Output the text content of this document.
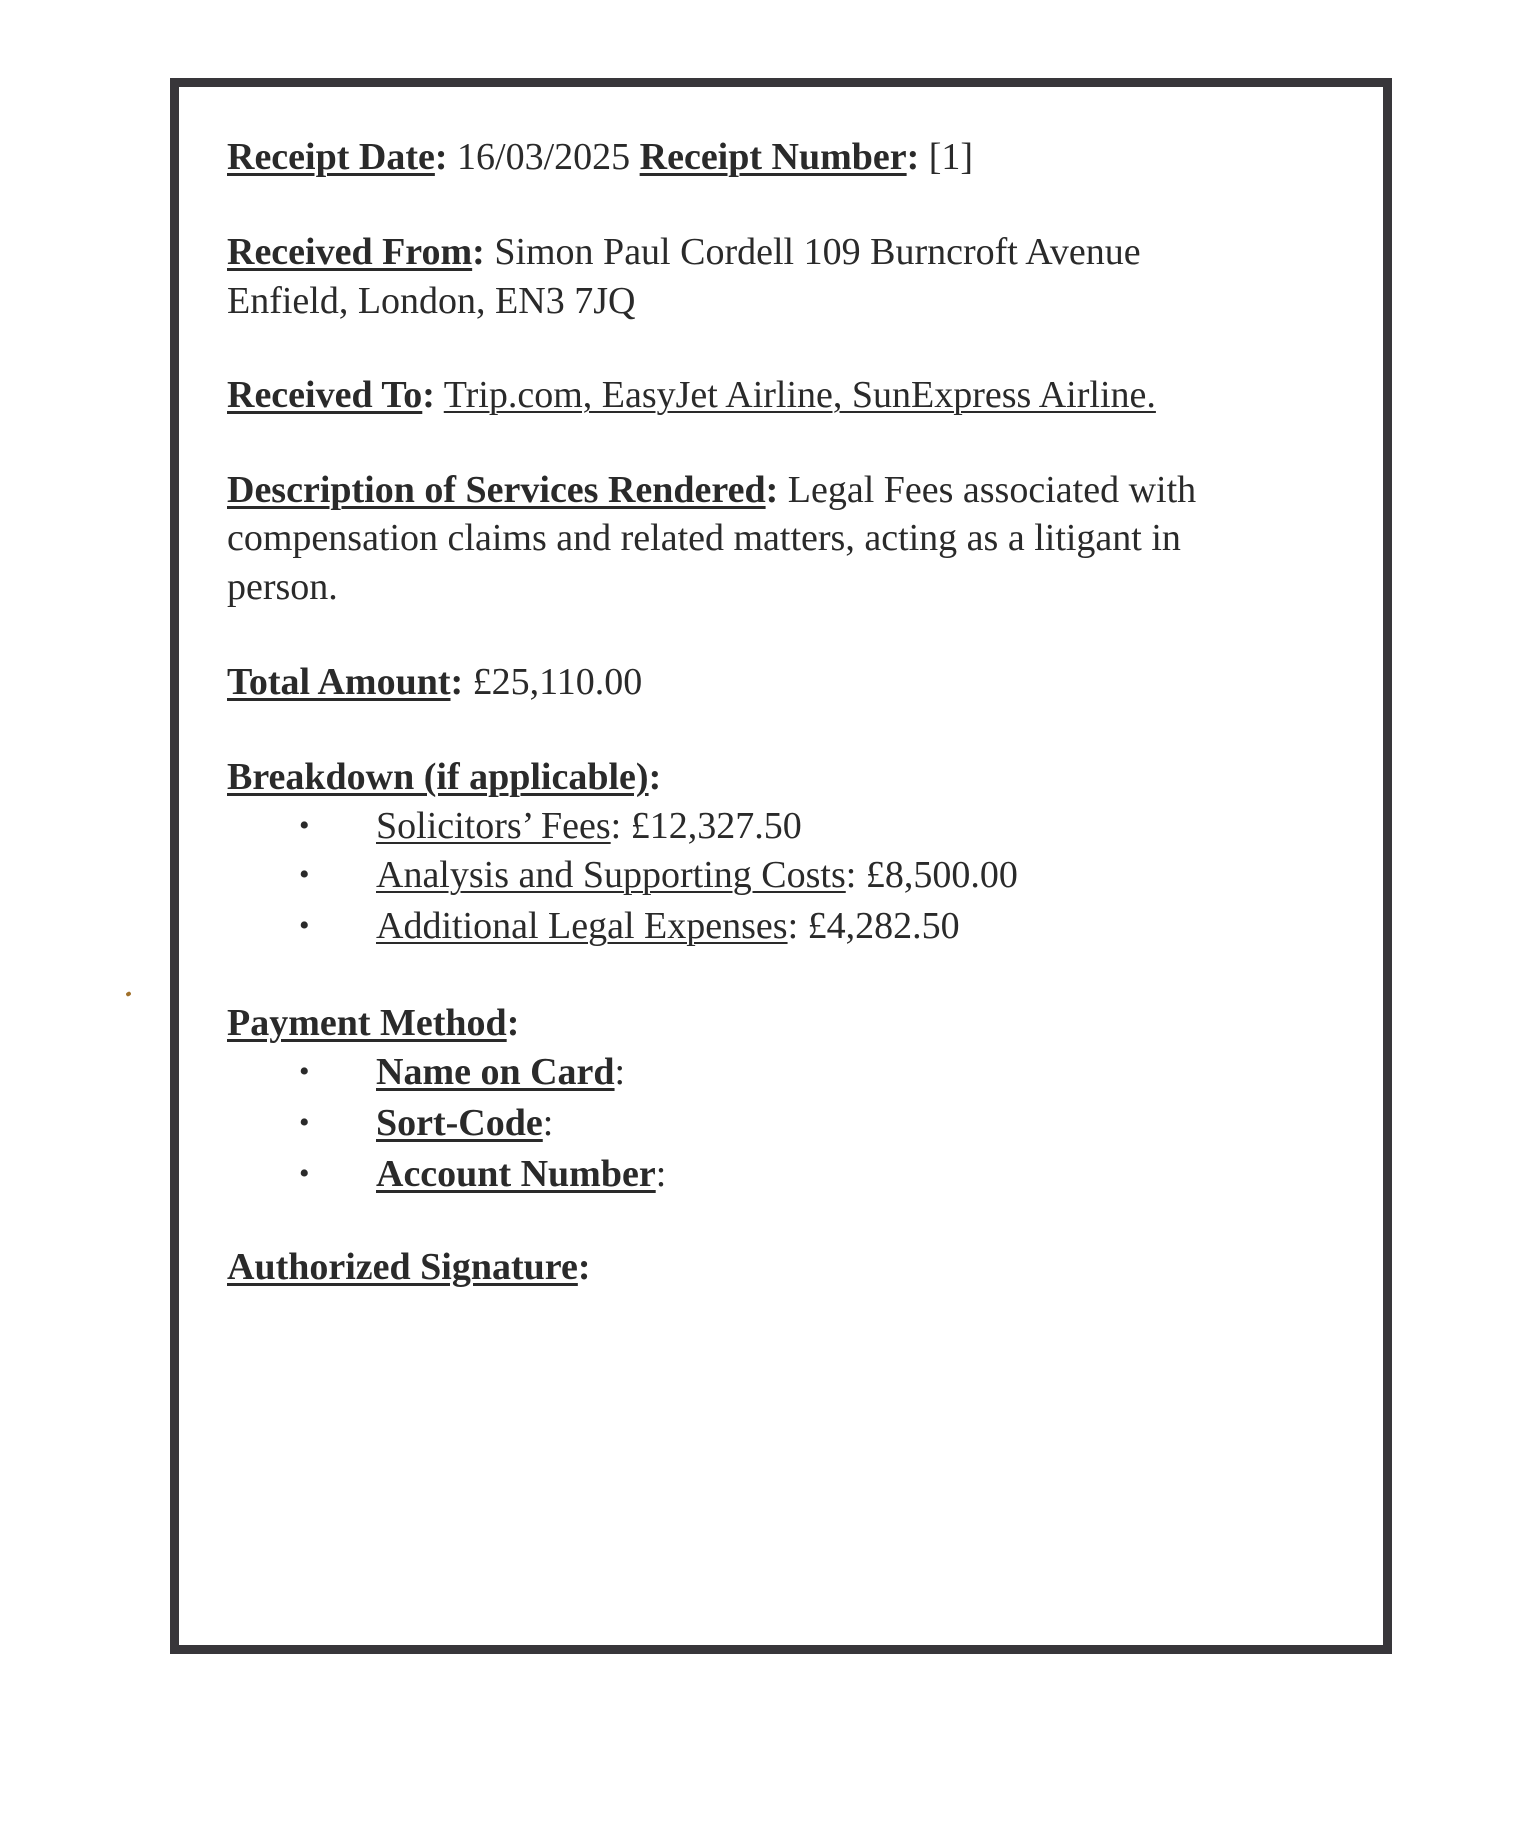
Receipt Date: 16/03/2025 Receipt Number: [1]
Received From: Simon Paul Cordell 109 Burncroft Avenue
Enfield, London, EN3 7JQ
Received To: Trip.com, EasyJet Airline, SunExpress Airline.
Description of Services Rendered: Legal Fees associated with
compensation claims and related matters, acting as a litigant in
person.
Total Amount: £25,110.00
Breakdown (if applicable):
• Solicitors’ Fees: £12,327.50
• Analysis and Supporting Costs: £8,500.00
• Additional Legal Expenses: £4,282.50
Payment Method:
• Name on Card:
• Sort-Code:
• Account Number:
Authorized Signature:
